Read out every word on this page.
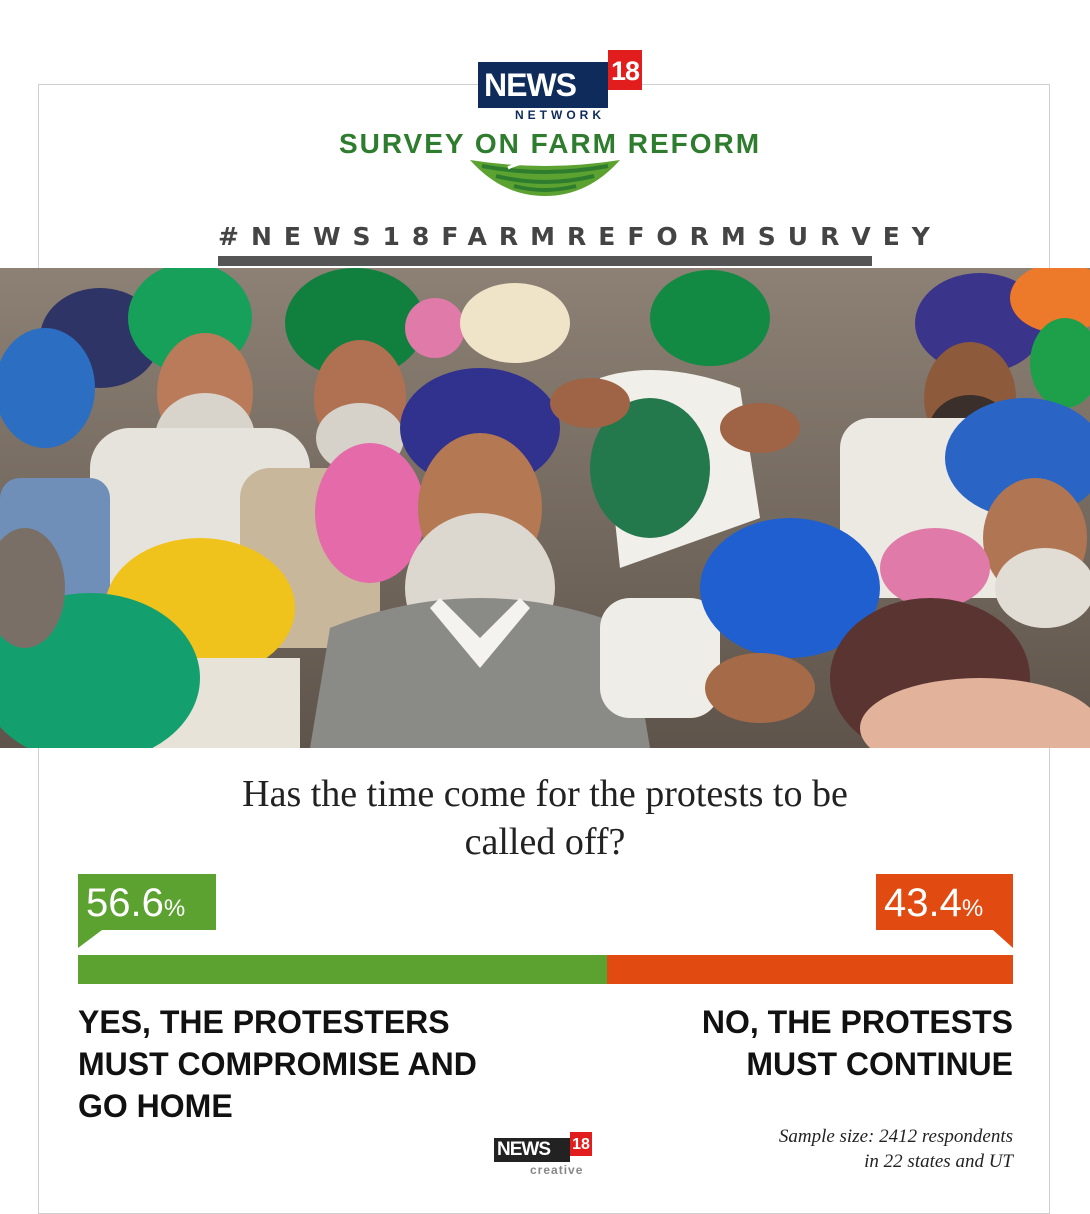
NEWS	18
NETWORK
SURVEY ON FARM REFORM
#NEWS18FARMREFORMSURVEY
Has the time come for the protests to be called off?
56.6%	43.4%
YES, THE PROTESTERS MUST COMPROMISE AND GO HOME
NO, THE PROTESTS MUST CONTINUE
NEWS	18
creative
Sample size: 2412 respondents
in 22 states and UT
